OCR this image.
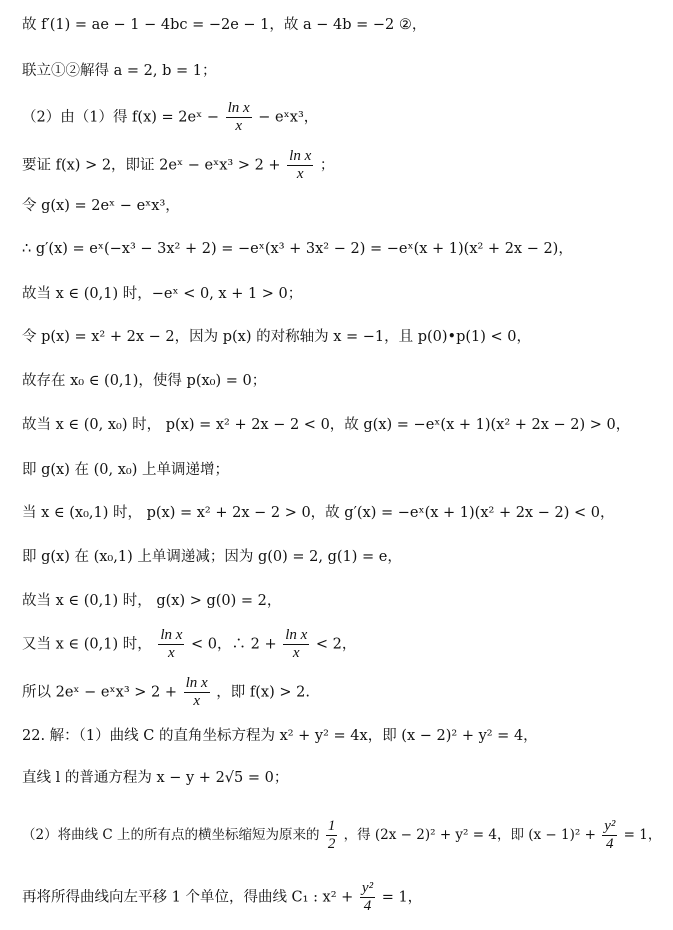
故 f′(1) = ae − 1 − 4bc = −2e − 1，故 a − 4b = −2 ②，
联立①②解得 a = 2, b = 1；
（2）由（1）得 f(x) = 2eˣ − $\frac{\text{ln x}}{x}$ − eˣx³，
要证 f(x) > 2，即证 2eˣ − eˣx³ > $2 + \frac{\text{ln x}}{x}$ ；
令 g(x) = 2eˣ − eˣx³，
∴ g′(x) = eˣ(−x³ − 3x² + 2) = −eˣ(x³ + 3x² − 2) = −eˣ(x + 1)(x² + 2x − 2)，
故当 x ∈ (0,1) 时，−eˣ < 0, x + 1 > 0；
令 p(x) = x² + 2x − 2，因为 p(x) 的对称轴为 x = −1，且 p(0)•p(1) < 0，
故存在 x₀ ∈ (0,1)，使得 p(x₀) = 0；
故当 x ∈ (0, x₀) 时， p(x) = x² + 2x − 2 < 0，故 g(x) = −eˣ(x + 1)(x² + 2x − 2) > 0，
即 g(x) 在 (0, x₀) 上单调递增；
当 x ∈ (x₀,1) 时， p(x) = x² + 2x − 2 > 0，故 g′(x) = −eˣ(x + 1)(x² + 2x − 2) < 0，
即 g(x) 在 (x₀,1) 上单调递减；因为 g(0) = 2, g(1) = e，
故当 x ∈ (0,1) 时， g(x) > g(0) = 2，
又当 x ∈ (0,1) 时， $\frac{\text{ln x}}{x} < 0$，∴ $2 + \frac{\text{ln x}}{x} < 2$，
所以 2eˣ − eˣx³ > $2 + \frac{\text{ln x}}{x}$ ，即 f(x) > 2.
22. 解：（1）曲线 C 的直角坐标方程为 x² + y² = 4x，即 (x − 2)² + y² = 4，
直线 l 的普通方程为 x − y + 2√5 = 0；
（2）将曲线 C 上的所有点的横坐标缩短为原来的 $\frac{1}{2}$ ，得 (2x − 2)² + y² = 4，即 $(x - 1)^2 + \frac{\text{y²}}{4} = 1$，
再将所得曲线向左平移 1 个单位，得曲线 C₁ : $x^2 + \frac{\text{y²}}{4} = 1$，
